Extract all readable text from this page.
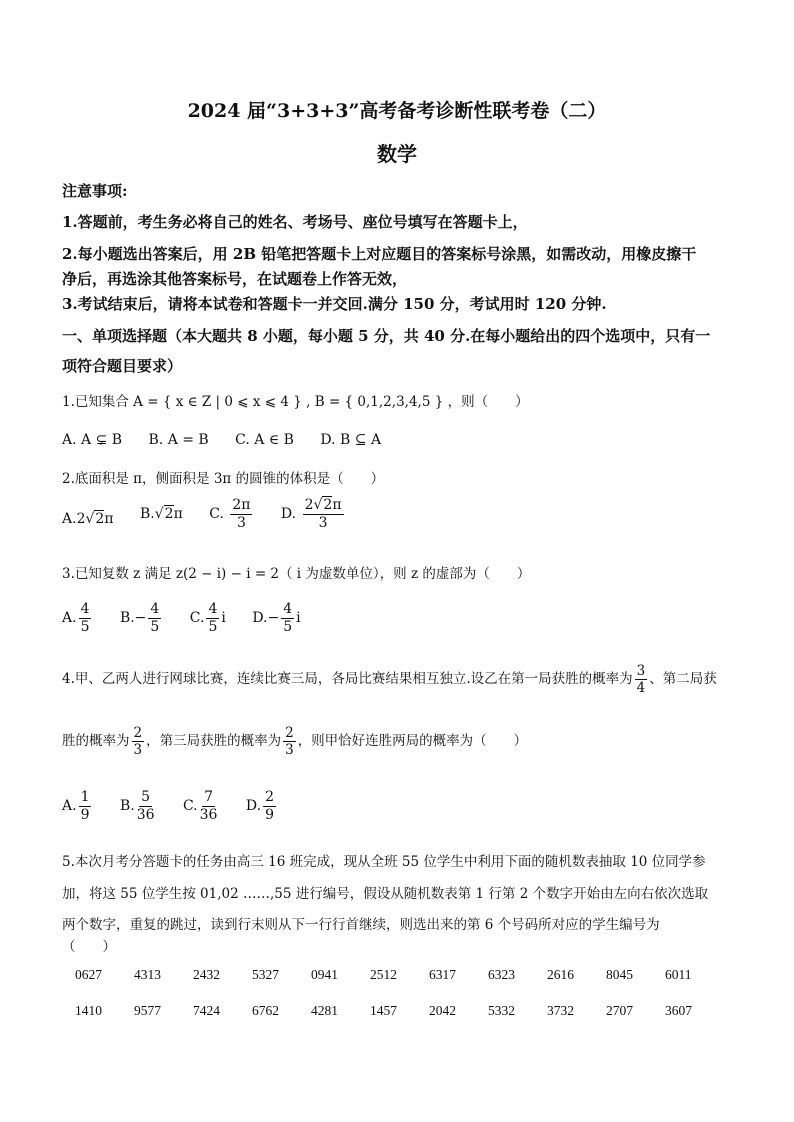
2024 届“3+3+3”高考备考诊断性联考卷（二）
数学
注意事项:
1.答题前，考生务必将自己的姓名、考场号、座位号填写在答题卡上，
2.每小题选出答案后，用 2B 铅笔把答题卡上对应题目的答案标号涂黑，如需改动，用橡皮擦干
净后，再选涂其他答案标号，在试题卷上作答无效，
3.考试结束后，请将本试卷和答题卡一并交回.满分 150 分，考试用时 120 分钟.
一、单项选择题（本大题共 8 小题，每小题 5 分，共 40 分.在每小题给出的四个选项中，只有一
项符合题目要求）
1.已知集合 A = { x ∈ Z | 0 ⩽ x ⩽ 4 } , B = { 0,1,2,3,4,5 } ，则（　　）
A. A ⊊ B B. A = B C. A ∈ B D. B ⊆ A
2.底面积是 π，侧面积是 3π 的圆锥的体积是（　　）
A.2√2π B.√2π C. $\frac{2\pi}{3} D$. $\frac{2√2\pi}{3}$
3.已知复数 z 满足 z(2 − i) − i = 2（ i 为虚数单位），则 z 的虚部为（　　）
A. $\frac{4}{5} B.- \frac{4}{5} C$. $\frac{4}{5}$ i $D.- \frac{4}{5}$ i
4.甲、乙两人进行网球比赛，连续比赛三局，各局比赛结果相互独立.设乙在第一局获胜的概率为 $\frac{3}{4}$ 、第二局获
胜的概率为 $\frac{2}{3}$ ，第三局获胜的概率为 $\frac{2}{3}$ ，则甲恰好连胜两局的概率为（　　）
A. $\frac{1}{9} B$. $\frac{5}{36} C$. $\frac{7}{36} D$. $\frac{2}{9}$
5.本次月考分答题卡的任务由高三 16 班完成，现从全班 55 位学生中利用下面的随机数表抽取 10 位同学参
加，将这 55 位学生按 01,02 ……,55 进行编号，假设从随机数表第 1 行第 2 个数字开始由左向右依次选取
两个数字，重复的跳过，读到行末则从下一行行首继续，则选出来的第 6 个号码所对应的学生编号为
（　　）
0627 4313 2432 5327 0941 2512 6317 6323 2616 8045 6011
1410 9577 7424 6762 4281 1457 2042 5332 3732 2707 3607
